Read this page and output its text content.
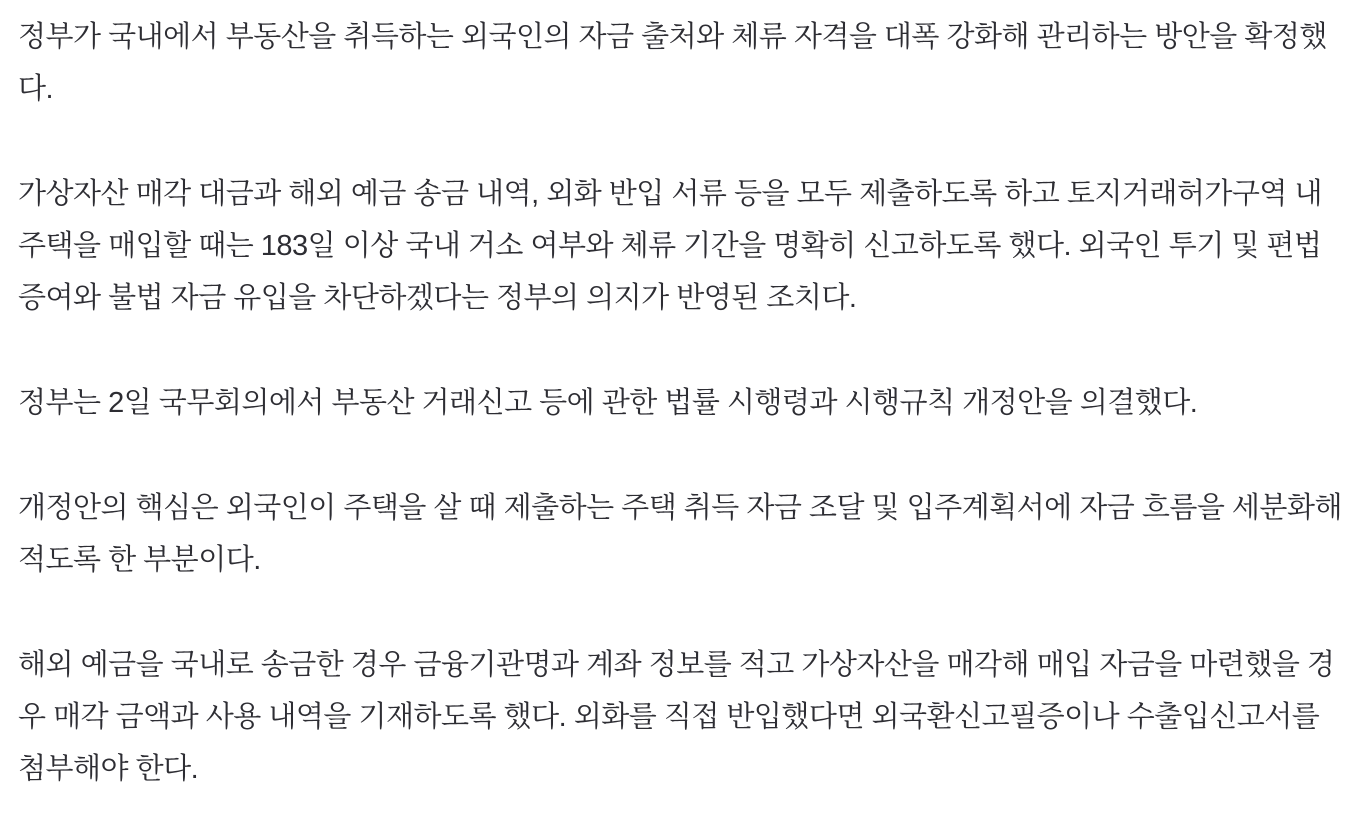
정부가 국내에서 부동산을 취득하는 외국인의 자금 출처와 체류 자격을 대폭 강화해 관리하는 방안을 확정했다.

가상자산 매각 대금과 해외 예금 송금 내역, 외화 반입 서류 등을 모두 제출하도록 하고 토지거래허가구역 내 주택을 매입할 때는 183일 이상 국내 거소 여부와 체류 기간을 명확히 신고하도록 했다. 외국인 투기 및 편법 증여와 불법 자금 유입을 차단하겠다는 정부의 의지가 반영된 조치다.

정부는 2일 국무회의에서 부동산 거래신고 등에 관한 법률 시행령과 시행규칙 개정안을 의결했다.

개정안의 핵심은 외국인이 주택을 살 때 제출하는 주택 취득 자금 조달 및 입주계획서에 자금 흐름을 세분화해 적도록 한 부분이다.

해외 예금을 국내로 송금한 경우 금융기관명과 계좌 정보를 적고 가상자산을 매각해 매입 자금을 마련했을 경우 매각 금액과 사용 내역을 기재하도록 했다. 외화를 직접 반입했다면 외국환신고필증이나 수출입신고서를 첨부해야 한다.
